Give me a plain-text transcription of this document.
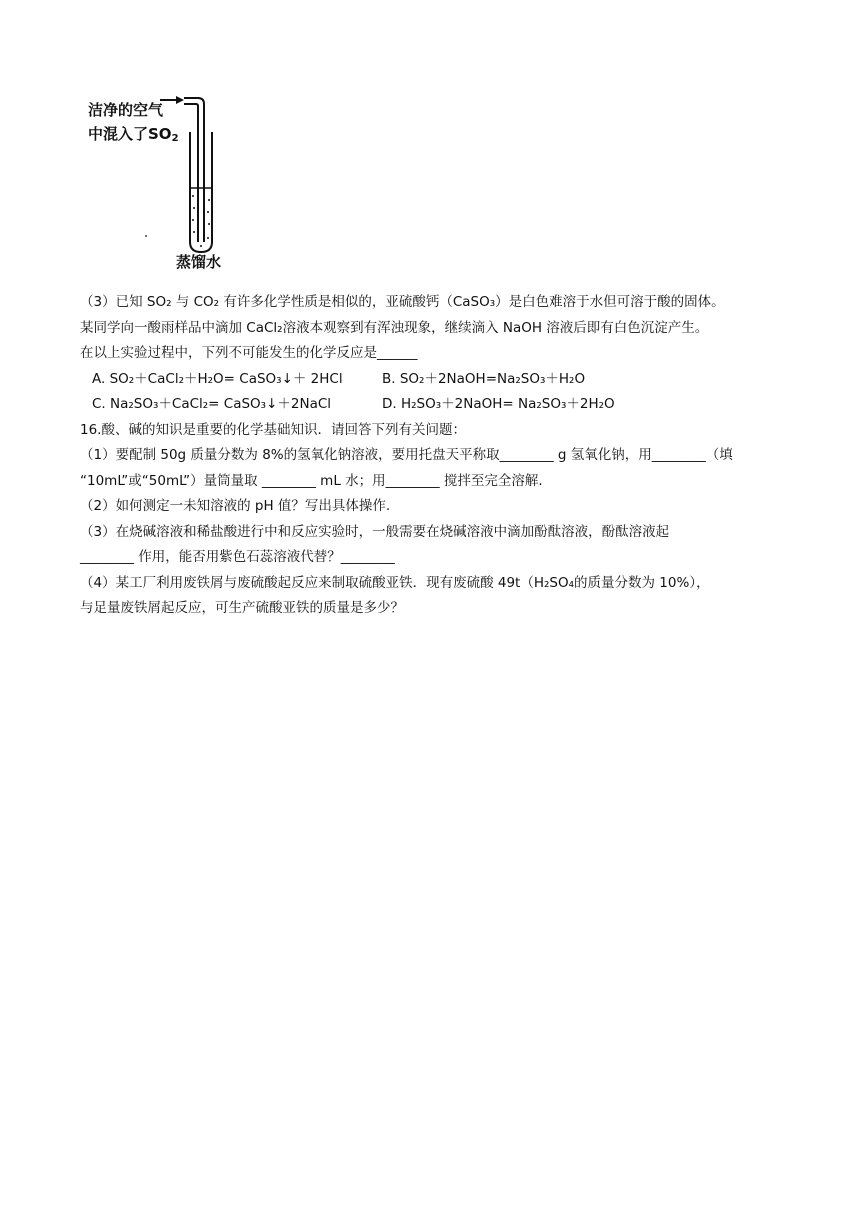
洁净的空气
中混入了$SO_2$
蒸馏水
（3）已知 SO₂ 与 CO₂ 有许多化学性质是相似的，亚硫酸钙（CaSO₃）是白色难溶于水但可溶于酸的固体。
某同学向一酸雨样品中滴加 CaCl₂溶液本观察到有浑浊现象，继续滴入 NaOH 溶液后即有白色沉淀产生。
在以上实验过程中，下列不可能发生的化学反应是______
A. SO₂＋CaCl₂＋H₂O= CaSO₃↓＋ 2HCl	B. SO₂＋2NaOH=Na₂SO₃＋H₂O
C. Na₂SO₃＋CaCl₂= CaSO₃↓＋2NaCl	D. H₂SO₃＋2NaOH= Na₂SO₃＋2H₂O
16.酸、碱的知识是重要的化学基础知识．请回答下列有关问题：
（1）要配制 50g 质量分数为 8%的氢氧化钠溶液，要用托盘天平称取________ g 氢氧化钠，用________（填
“10mL”或“50mL”）量筒量取 ________ mL 水；用________ 搅拌至完全溶解.
（2）如何测定一未知溶液的 pH 值？写出具体操作.
（3）在烧碱溶液和稀盐酸进行中和反应实验时，一般需要在烧碱溶液中滴加酚酞溶液，酚酞溶液起
________ 作用，能否用紫色石蕊溶液代替？________
（4）某工厂利用废铁屑与废硫酸起反应来制取硫酸亚铁．现有废硫酸 49t（H₂SO₄的质量分数为 10%），
与足量废铁屑起反应，可生产硫酸亚铁的质量是多少？
